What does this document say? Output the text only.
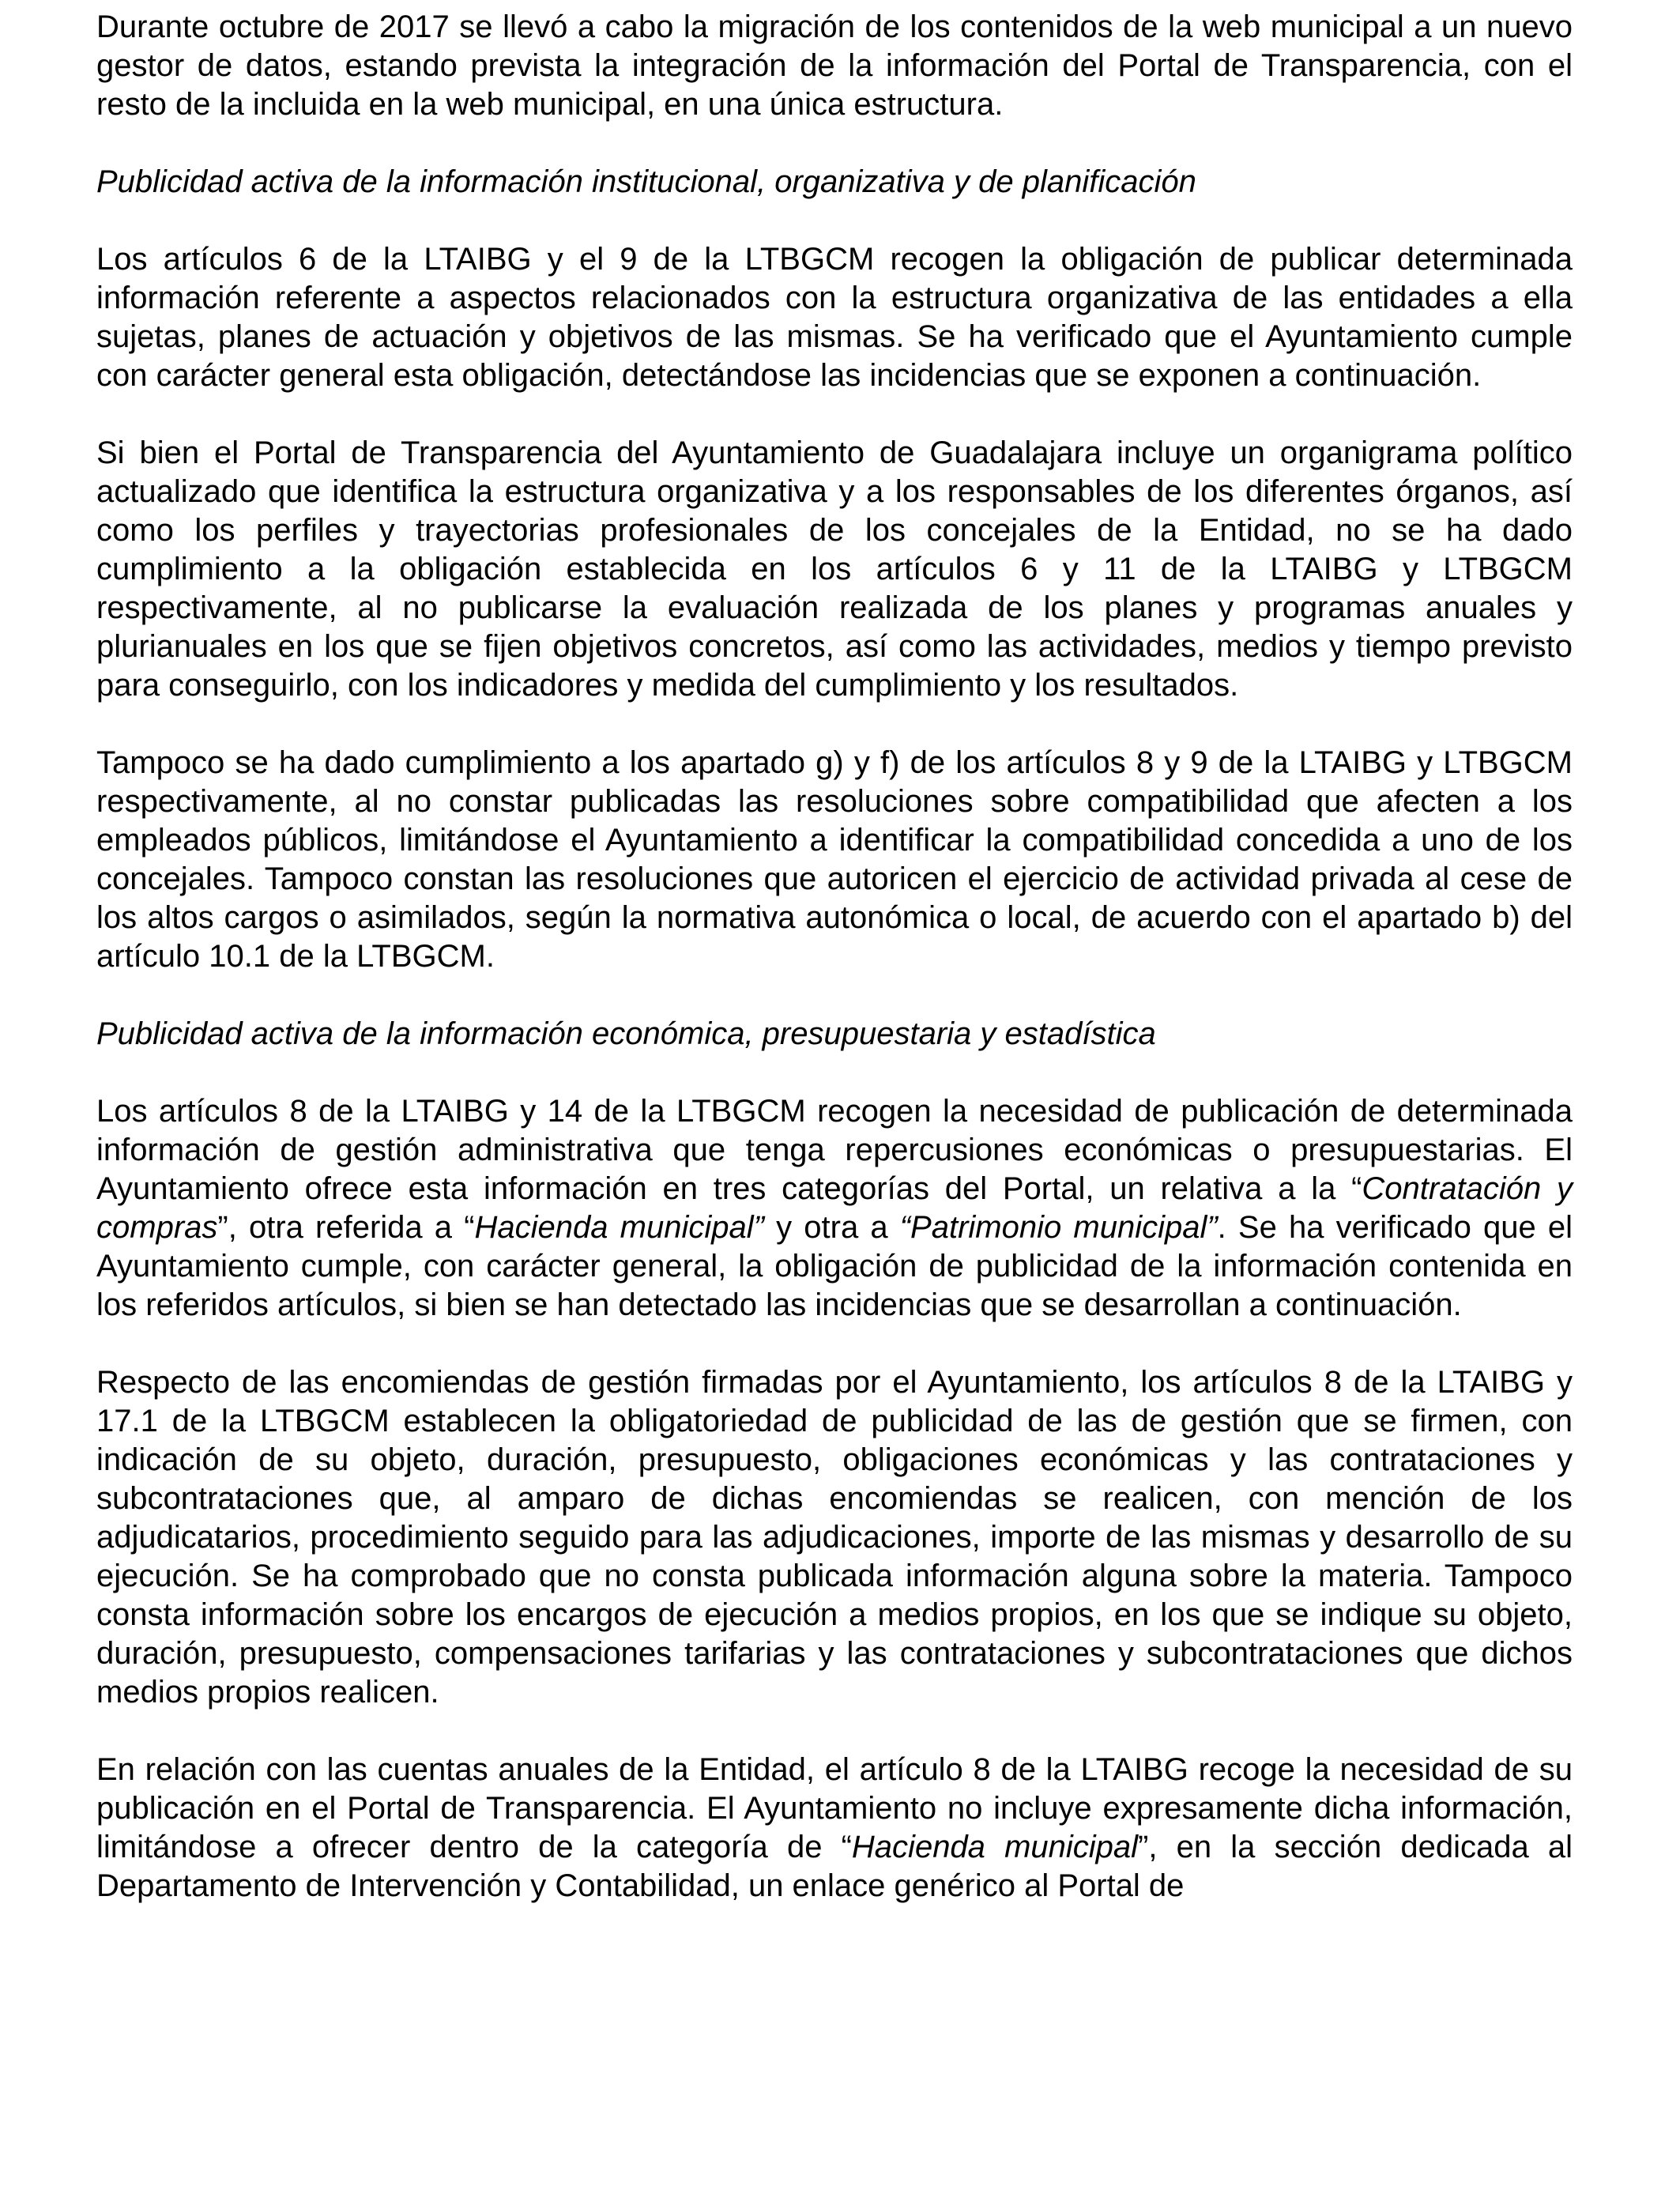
Durante octubre de 2017 se llevó a cabo la migración de los contenidos de la web municipal a un nuevo gestor de datos, estando prevista la integración de la información del Portal de Transparencia, con el resto de la incluida en la web municipal, en una única estructura.

Publicidad activa de la información institucional, organizativa y de planificación

Los artículos 6 de la LTAIBG y el 9 de la LTBGCM recogen la obligación de publicar determinada información referente a aspectos relacionados con la estructura organizativa de las entidades a ella sujetas, planes de actuación y objetivos de las mismas. Se ha verificado que el Ayuntamiento cumple con carácter general esta obligación, detectándose las incidencias que se exponen a continuación.

Si bien el Portal de Transparencia del Ayuntamiento de Guadalajara incluye un organigrama político actualizado que identifica la estructura organizativa y a los responsables de los diferentes órganos, así como los perfiles y trayectorias profesionales de los concejales de la Entidad, no se ha dado cumplimiento a la obligación establecida en los artículos 6 y 11 de la LTAIBG y LTBGCM respectivamente, al no publicarse la evaluación realizada de los planes y programas anuales y plurianuales en los que se fijen objetivos concretos, así como las actividades, medios y tiempo previsto para conseguirlo, con los indicadores y medida del cumplimiento y los resultados.

Tampoco se ha dado cumplimiento a los apartado g) y f) de los artículos 8 y 9 de la LTAIBG y LTBGCM respectivamente, al no constar publicadas las resoluciones sobre compatibilidad que afecten a los empleados públicos, limitándose el Ayuntamiento a identificar la compatibilidad concedida a uno de los concejales. Tampoco constan las resoluciones que autoricen el ejercicio de actividad privada al cese de los altos cargos o asimilados, según la normativa autonómica o local, de acuerdo con el apartado b) del artículo 10.1 de la LTBGCM.

Publicidad activa de la información económica, presupuestaria y estadística

Los artículos 8 de la LTAIBG y 14 de la LTBGCM recogen la necesidad de publicación de determinada información de gestión administrativa que tenga repercusiones económicas o presupuestarias. El Ayuntamiento ofrece esta información en tres categorías del Portal, un relativa a la “Contratación y compras”, otra referida a “Hacienda municipal” y otra a “Patrimonio municipal”. Se ha verificado que el Ayuntamiento cumple, con carácter general, la obligación de publicidad de la información contenida en los referidos artículos, si bien se han detectado las incidencias que se desarrollan a continuación.

Respecto de las encomiendas de gestión firmadas por el Ayuntamiento, los artículos 8 de la LTAIBG y 17.1 de la LTBGCM establecen la obligatoriedad de publicidad de las de gestión que se firmen, con indicación de su objeto, duración, presupuesto, obligaciones económicas y las contrataciones y subcontrataciones que, al amparo de dichas encomiendas se realicen, con mención de los adjudicatarios, procedimiento seguido para las adjudicaciones, importe de las mismas y desarrollo de su ejecución. Se ha comprobado que no consta publicada información alguna sobre la materia. Tampoco consta información sobre los encargos de ejecución a medios propios, en los que se indique su objeto, duración, presupuesto, compensaciones tarifarias y las contrataciones y subcontrataciones que dichos medios propios realicen.

En relación con las cuentas anuales de la Entidad, el artículo 8 de la LTAIBG recoge la necesidad de su publicación en el Portal de Transparencia. El Ayuntamiento no incluye expresamente dicha información, limitándose a ofrecer dentro de la categoría de “Hacienda municipal”, en la sección dedicada al Departamento de Intervención y Contabilidad, un enlace genérico al Portal de
